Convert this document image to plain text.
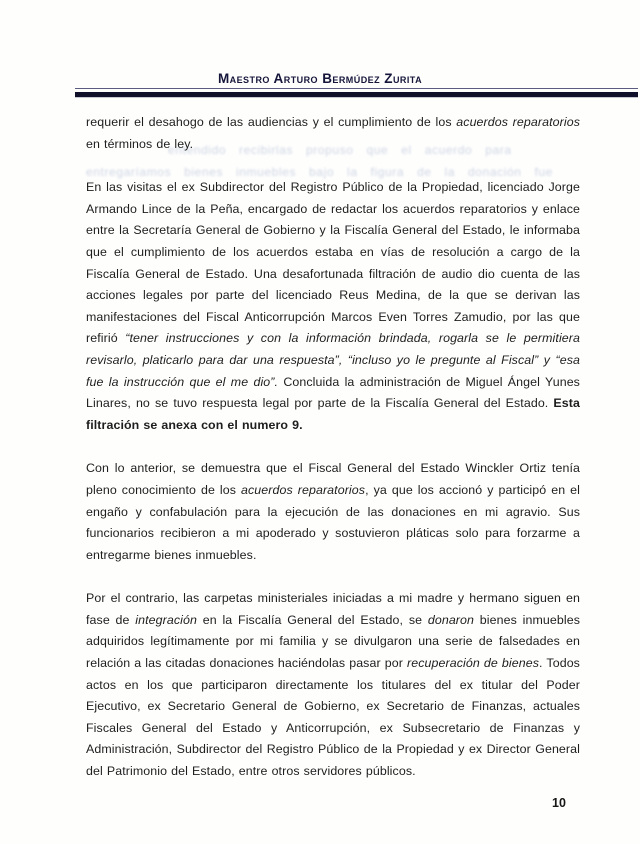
Maestro Arturo Bermúdez Zurita
entendido recibirlas propuso que el acuerdo para
entregaríamos bienes inmuebles bajo la figura de la donación fue

requerir el desahogo de las audiencias y el cumplimiento de los acuerdos reparatorios en términos de ley.

En las visitas el ex Subdirector del Registro Público de la Propiedad, licenciado Jorge Armando Lince de la Peña, encargado de redactar los acuerdos reparatorios y enlace entre la Secretaría General de Gobierno y la Fiscalía General del Estado, le informaba que el cumplimiento de los acuerdos estaba en vías de resolución a cargo de la Fiscalía General de Estado. Una desafortunada filtración de audio dio cuenta de las acciones legales por parte del licenciado Reus Medina, de la que se derivan las manifestaciones del Fiscal Anticorrupción Marcos Even Torres Zamudio, por las que refirió “tener instrucciones y con la información brindada, rogarla se le permitiera revisarlo, platicarlo para dar una respuesta”, “incluso yo le pregunte al Fiscal” y “esa fue la instrucción que el me dio”. Concluida la administración de Miguel Ángel Yunes Linares, no se tuvo respuesta legal por parte de la Fiscalía General del Estado. Esta filtración se anexa con el numero 9.

Con lo anterior, se demuestra que el Fiscal General del Estado Winckler Ortiz tenía pleno conocimiento de los acuerdos reparatorios, ya que los accionó y participó en el engaño y confabulación para la ejecución de las donaciones en mi agravio. Sus funcionarios recibieron a mi apoderado y sostuvieron pláticas solo para forzarme a entregarme bienes inmuebles.

Por el contrario, las carpetas ministeriales iniciadas a mi madre y hermano siguen en fase de integración en la Fiscalía General del Estado, se donaron bienes inmuebles adquiridos legítimamente por mi familia y se divulgaron una serie de falsedades en relación a las citadas donaciones haciéndolas pasar por recuperación de bienes. Todos actos en los que participaron directamente los titulares del ex titular del Poder Ejecutivo, ex Secretario General de Gobierno, ex Secretario de Finanzas, actuales Fiscales General del Estado y Anticorrupción, ex Subsecretario de Finanzas y Administración, Subdirector del Registro Público de la Propiedad y ex Director General del Patrimonio del Estado, entre otros servidores públicos.

10
